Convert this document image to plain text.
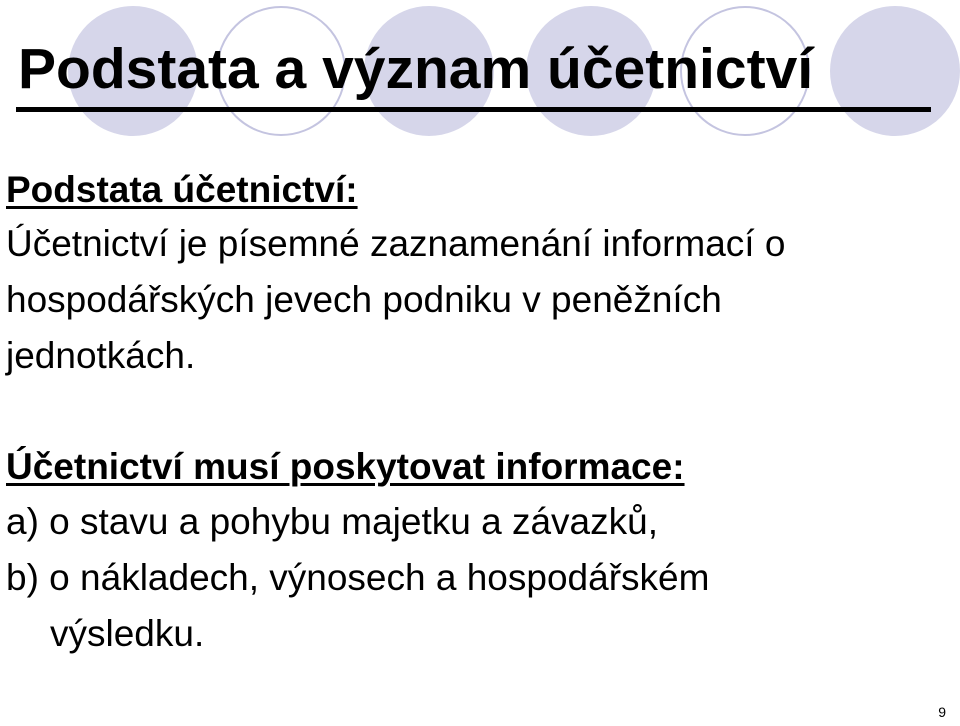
Podstata a význam účetnictví
Podstata účetnictví:
Účetnictví je písemné zaznamenání informací o
hospodářských jevech podniku v peněžních
jednotkách.
Účetnictví musí poskytovat informace:
a) o stavu a pohybu majetku a závazků,
b) o nákladech, výnosech a hospodářském
výsledku.
9
